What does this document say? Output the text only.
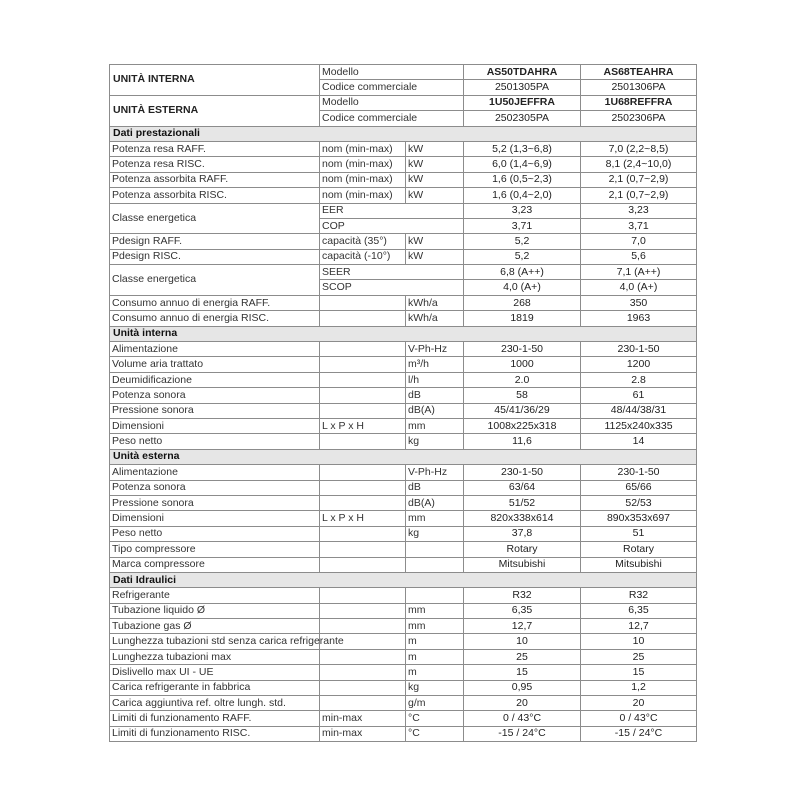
UNITÀ INTERNA	Modello		AS50TDAHRA	AS68TEAHRA
	Codice commerciale		2501305PA	2501306PA
UNITÀ ESTERNA	Modello		1U50JEFFRA	1U68REFFRA
	Codice commerciale		2502305PA	2502306PA
Dati prestazionali				
Potenza resa RAFF.	nom (min-max)	kW	5,2 (1,3~6,8)	7,0 (2,2~8,5)
Potenza resa RISC.	nom (min-max)	kW	6,0 (1,4~6,9)	8,1 (2,4~10,0)
Potenza assorbita RAFF.	nom (min-max)	kW	1,6 (0,5~2,3)	2,1 (0,7~2,9)
Potenza assorbita RISC.	nom (min-max)	kW	1,6 (0,4~2,0)	2,1 (0,7~2,9)
Classe energetica	EER		3,23	3,23
	COP		3,71	3,71
Pdesign RAFF.	capacità (35°)	kW	5,2	7,0
Pdesign RISC.	capacità (-10°)	kW	5,2	5,6
Classe energetica	SEER		6,8 (A++)	7,1 (A++)
	SCOP		4,0 (A+)	4,0 (A+)
Consumo annuo di energia RAFF.		kWh/a	268	350
Consumo annuo di energia RISC.		kWh/a	1819	1963
Unità interna				
Alimentazione		V-Ph-Hz	230-1-50	230-1-50
Volume aria trattato		m³/h	1000	1200
Deumidificazione		l/h	2.0	2.8
Potenza sonora		dB	58	61
Pressione sonora		dB(A)	45/41/36/29	48/44/38/31
Dimensioni	L x P x H	mm	1008x225x318	1125x240x335
Peso netto		kg	11,6	14
Unità esterna				
Alimentazione		V-Ph-Hz	230-1-50	230-1-50
Potenza sonora		dB	63/64	65/66
Pressione sonora		dB(A)	51/52	52/53
Dimensioni	L x P x H	mm	820x338x614	890x353x697
Peso netto		kg	37,8	51
Tipo compressore			Rotary	Rotary
Marca compressore			Mitsubishi	Mitsubishi
Dati Idraulici				
Refrigerante			R32	R32
Tubazione liquido Ø		mm	6,35	6,35
Tubazione gas Ø		mm	12,7	12,7
Lunghezza tubazioni std senza carica refrigerante		m	10	10
Lunghezza tubazioni max		m	25	25
Dislivello max UI - UE		m	15	15
Carica refrigerante in fabbrica		kg	0,95	1,2
Carica aggiuntiva ref. oltre lungh. std.		g/m	20	20
Limiti di funzionamento RAFF.	min-max	°C	0 / 43°C	0 / 43°C
Limiti di funzionamento RISC.	min-max	°C	-15 / 24°C	-15 / 24°C
